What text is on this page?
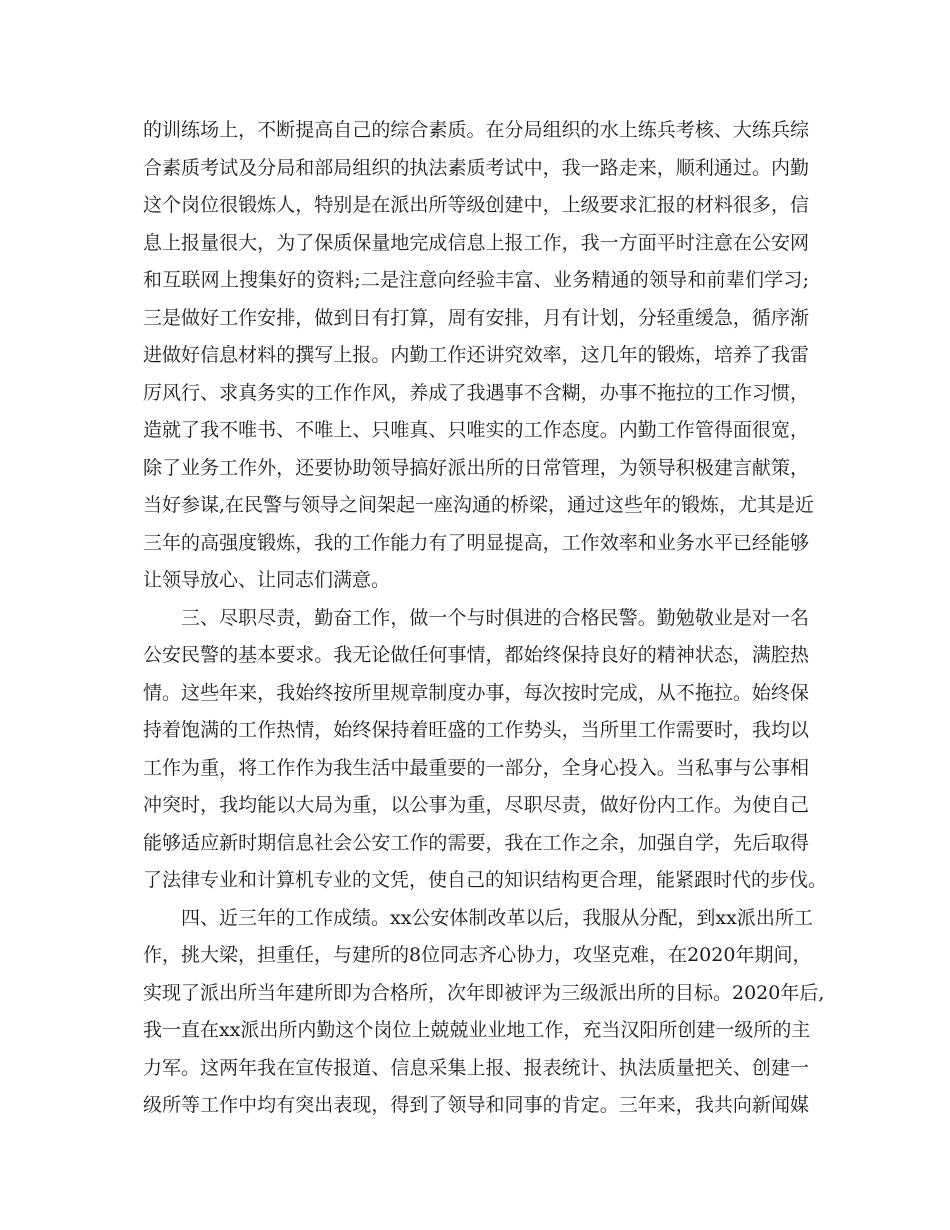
的训练场上，不断提高自己的综合素质。在分局组织的水上练兵考核、大练兵综
合素质考试及分局和部局组织的执法素质考试中，我一路走来，顺利通过。内勤
这个岗位很锻炼人，特别是在派出所等级创建中，上级要求汇报的材料很多，信
息上报量很大，为了保质保量地完成信息上报工作，我一方面平时注意在公安网
和互联网上搜集好的资料;二是注意向经验丰富、业务精通的领导和前辈们学习;
三是做好工作安排，做到日有打算，周有安排，月有计划，分轻重缓急，循序渐
进做好信息材料的撰写上报。内勤工作还讲究效率，这几年的锻炼，培养了我雷
厉风行、求真务实的工作作风，养成了我遇事不含糊，办事不拖拉的工作习惯，
造就了我不唯书、不唯上、只唯真、只唯实的工作态度。内勤工作管得面很宽，
除了业务工作外，还要协助领导搞好派出所的日常管理，为领导积极建言献策，
当好参谋,在民警与领导之间架起一座沟通的桥梁，通过这些年的锻炼，尤其是近
三年的高强度锻炼，我的工作能力有了明显提高，工作效率和业务水平已经能够
让领导放心、让同志们满意。
三、尽职尽责，勤奋工作，做一个与时俱进的合格民警。勤勉敬业是对一名
公安民警的基本要求。我无论做任何事情，都始终保持良好的精神状态，满腔热
情。这些年来，我始终按所里规章制度办事，每次按时完成，从不拖拉。始终保
持着饱满的工作热情，始终保持着旺盛的工作势头，当所里工作需要时，我均以
工作为重，将工作作为我生活中最重要的一部分，全身心投入。当私事与公事相
冲突时，我均能以大局为重，以公事为重，尽职尽责，做好份内工作。为使自己
能够适应新时期信息社会公安工作的需要，我在工作之余，加强自学，先后取得
了法律专业和计算机专业的文凭，使自己的知识结构更合理，能紧跟时代的步伐。
四、近三年的工作成绩。xx公安体制改革以后，我服从分配，到xx派出所工
作，挑大梁，担重任，与建所的8位同志齐心协力，攻坚克难，在2020年期间，
实现了派出所当年建所即为合格所，次年即被评为三级派出所的目标。2020年后,
我一直在xx派出所内勤这个岗位上兢兢业业地工作，充当汉阳所创建一级所的主
力军。这两年我在宣传报道、信息采集上报、报表统计、执法质量把关、创建一
级所等工作中均有突出表现，得到了领导和同事的肯定。三年来，我共向新闻媒
